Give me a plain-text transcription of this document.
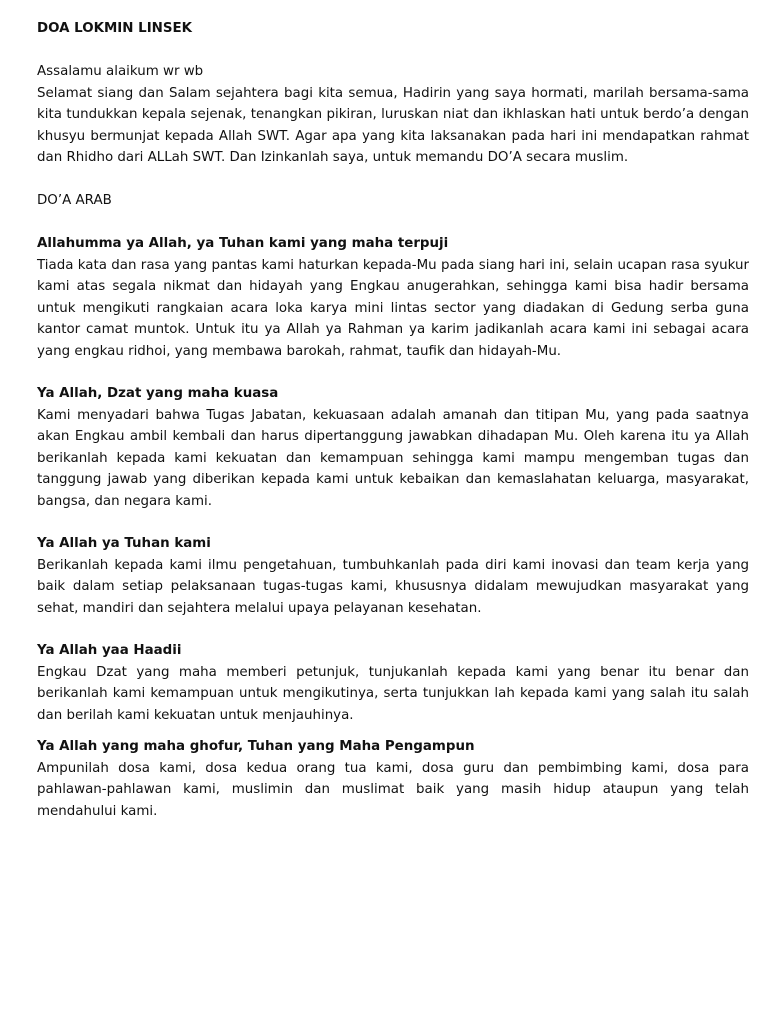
DOA LOKMIN LINSEK
Assalamu alaikum wr wb

Selamat siang dan Salam sejahtera bagi kita semua, Hadirin yang saya hormati, marilah bersama-sama kita tundukkan kepala sejenak, tenangkan pikiran, luruskan niat dan ikhlaskan hati untuk berdo’a dengan khusyu bermunjat kepada Allah SWT. Agar apa yang kita laksanakan pada hari ini mendapatkan rahmat dan Rhidho dari ALLah SWT. Dan Izinkanlah saya, untuk memandu DO’A secara muslim.

DO’A ARAB
Allahumma ya Allah, ya Tuhan kami yang maha terpuji

Tiada kata dan rasa yang pantas kami haturkan kepada-Mu pada siang hari ini, selain ucapan rasa syukur kami atas segala nikmat dan hidayah yang Engkau anugerahkan, sehingga kami bisa hadir bersama untuk mengikuti rangkaian acara loka karya mini lintas sector yang diadakan di Gedung serba guna kantor camat muntok. Untuk itu ya Allah ya Rahman ya karim jadikanlah acara kami ini sebagai acara yang engkau ridhoi, yang membawa barokah, rahmat, taufik dan hidayah-Mu.

Ya Allah, Dzat yang maha kuasa

Kami menyadari bahwa Tugas Jabatan, kekuasaan adalah amanah dan titipan Mu, yang pada saatnya akan Engkau ambil kembali dan harus dipertanggung jawabkan dihadapan Mu. Oleh karena itu ya Allah berikanlah kepada kami kekuatan dan kemampuan sehingga kami mampu mengemban tugas dan tanggung jawab yang diberikan kepada kami untuk kebaikan dan kemaslahatan keluarga, masyarakat, bangsa, dan negara kami.

Ya Allah ya Tuhan kami

Berikanlah kepada kami ilmu pengetahuan, tumbuhkanlah pada diri kami inovasi dan team kerja yang baik dalam setiap pelaksanaan tugas-tugas kami, khususnya didalam mewujudkan masyarakat yang sehat, mandiri dan sejahtera melalui upaya pelayanan kesehatan.

Ya Allah yaa Haadii

Engkau Dzat yang maha memberi petunjuk, tunjukanlah kepada kami yang benar itu benar dan berikanlah kami kemampuan untuk mengikutinya, serta tunjukkan lah kepada kami yang salah itu salah dan berilah kami kekuatan untuk menjauhinya.

Ya Allah yang maha ghofur, Tuhan yang Maha Pengampun

Ampunilah dosa kami, dosa kedua orang tua kami, dosa guru dan pembimbing kami, dosa para pahlawan-pahlawan kami, muslimin dan muslimat baik yang masih hidup ataupun yang telah mendahului kami.
